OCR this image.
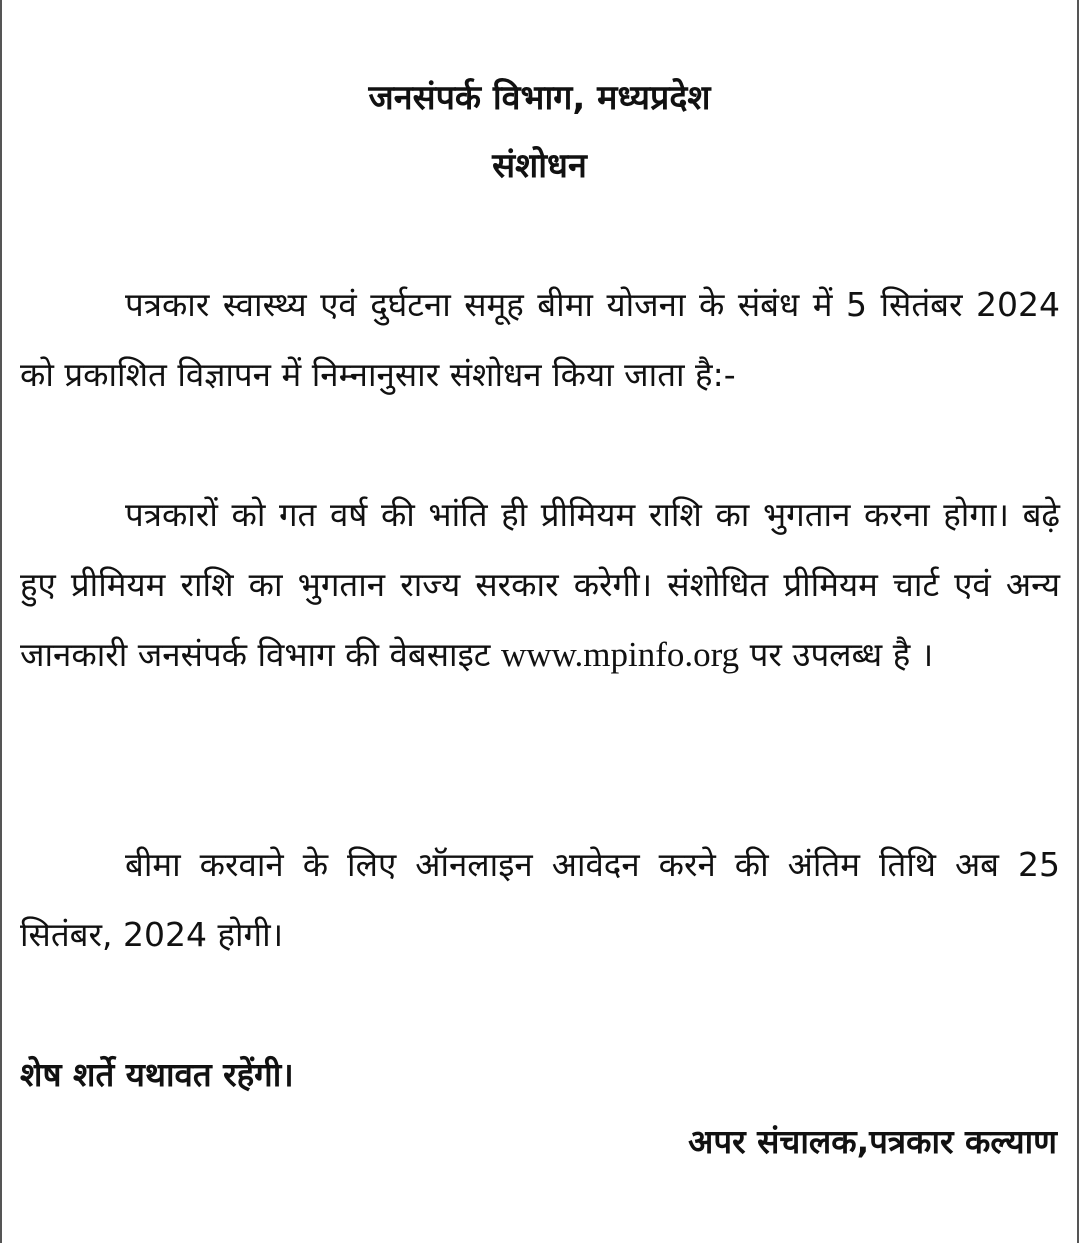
जनसंपर्क विभाग, मध्यप्रदेश
संशोधन

पत्रकार स्वास्थ्य एवं दुर्घटना समूह बीमा योजना के संबंध में 5 सितंबर 2024 को प्रकाशित विज्ञापन में निम्नानुसार संशोधन किया जाता है:-

पत्रकारों को गत वर्ष की भांति ही प्रीमियम राशि का भुगतान करना होगा। बढ़े हुए प्रीमियम राशि का भुगतान राज्य सरकार करेगी। संशोधित प्रीमियम चार्ट एवं अन्य जानकारी जनसंपर्क विभाग की वेबसाइट www.mpinfo.org पर उपलब्ध है ।

बीमा करवाने के लिए ऑनलाइन आवेदन करने की अंतिम तिथि अब 25 सितंबर, 2024 होगी।

शेष शर्ते यथावत रहेंगी।
अपर संचालक,पत्रकार कल्याण
